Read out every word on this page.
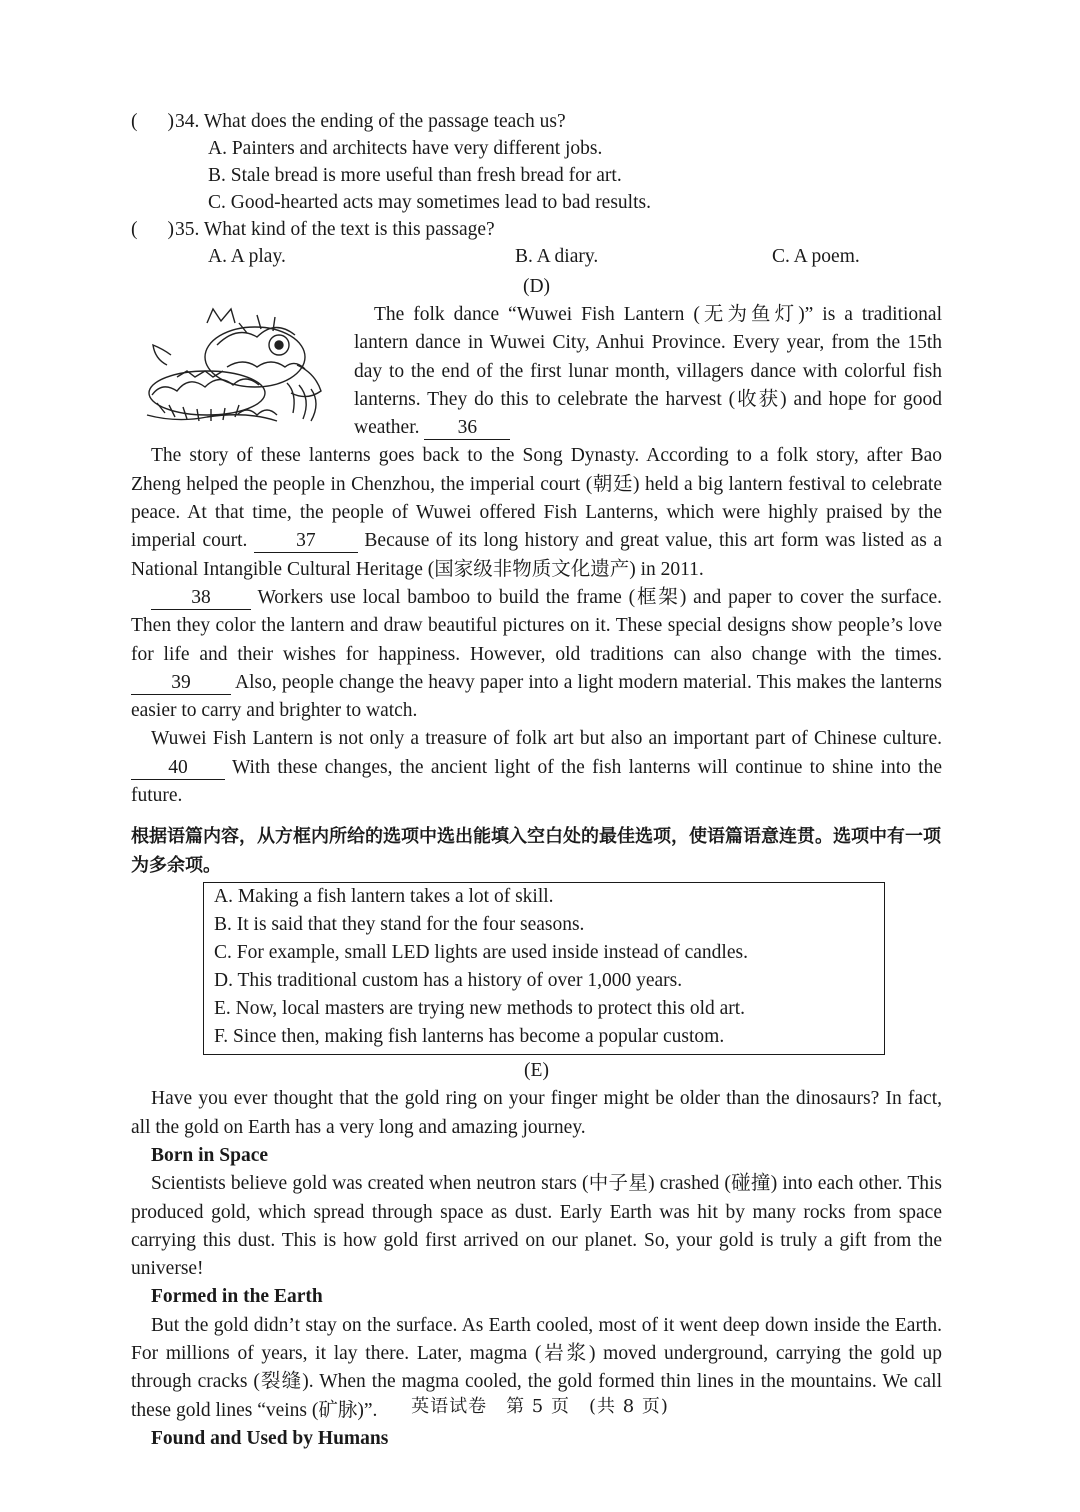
( ) 34. What does the ending of the passage teach us?
A. Painters and architects have very different jobs.
B. Stale bread is more useful than fresh bread for art.
C. Good-hearted acts may sometimes lead to bad results.
( ) 35. What kind of the text is this passage?
A. A play.	B. A diary.	C. A poem.
(D)

The folk dance “Wuwei Fish Lantern (无为鱼灯)” is a traditional lantern dance in Wuwei City, Anhui Province. Every year, from the 15th day to the end of the first lunar month, villagers dance with colorful fish lanterns. They do this to celebrate the harvest (收获) and hope for good weather. 36

The story of these lanterns goes back to the Song Dynasty. According to a folk story, after Bao Zheng helped the people in Chenzhou, the imperial court (朝廷) held a big lantern festival to celebrate peace. At that time, the people of Wuwei offered Fish Lanterns, which were highly praised by the imperial court.	37	Because of its long history and great value, this art form was listed as a National Intangible Cultural Heritage (国家级非物质文化遗产) in 2011.

38 Workers use local bamboo to build the frame (框架) and paper to cover the surface. Then they color the lantern and draw beautiful pictures on it. These special designs show people’s love for life and their wishes for happiness. However, old traditions can also change with the times. 39 Also, people change the heavy paper into a light modern material. This makes the lanterns easier to carry and brighter to watch.

Wuwei Fish Lantern is not only a treasure of folk art but also an important part of Chinese culture. 40 With these changes, the ancient light of the fish lanterns will continue to shine into the future.

根据语篇内容，从方框内所给的选项中选出能填入空白处的最佳选项，使语篇语意连贯。选项中有一项为多余项。
A. Making a fish lantern takes a lot of skill.
B. It is said that they stand for the four seasons.
C. For example, small LED lights are used inside instead of candles.
D. This traditional custom has a history of over 1,000 years.
E. Now, local masters are trying new methods to protect this old art.
F. Since then, making fish lanterns has become a popular custom.
(E)

Have you ever thought that the gold ring on your finger might be older than the dinosaurs? In fact, all the gold on Earth has a very long and amazing journey.

Born in Space

Scientists believe gold was created when neutron stars (中子星) crashed (碰撞) into each other. This produced gold, which spread through space as dust. Early Earth was hit by many rocks from space carrying this dust. This is how gold first arrived on our planet. So, your gold is truly a gift from the universe!

Formed in the Earth

But the gold didn’t stay on the surface. As Earth cooled, most of it went deep down inside the Earth. For millions of years, it lay there. Later, magma (岩浆) moved underground, carrying the gold up through cracks (裂缝). When the magma cooled, the gold formed thin lines in the mountains. We call these gold lines “veins (矿脉)”.

Found and Used by Humans
英语试卷　第 5 页　(共 8 页)
